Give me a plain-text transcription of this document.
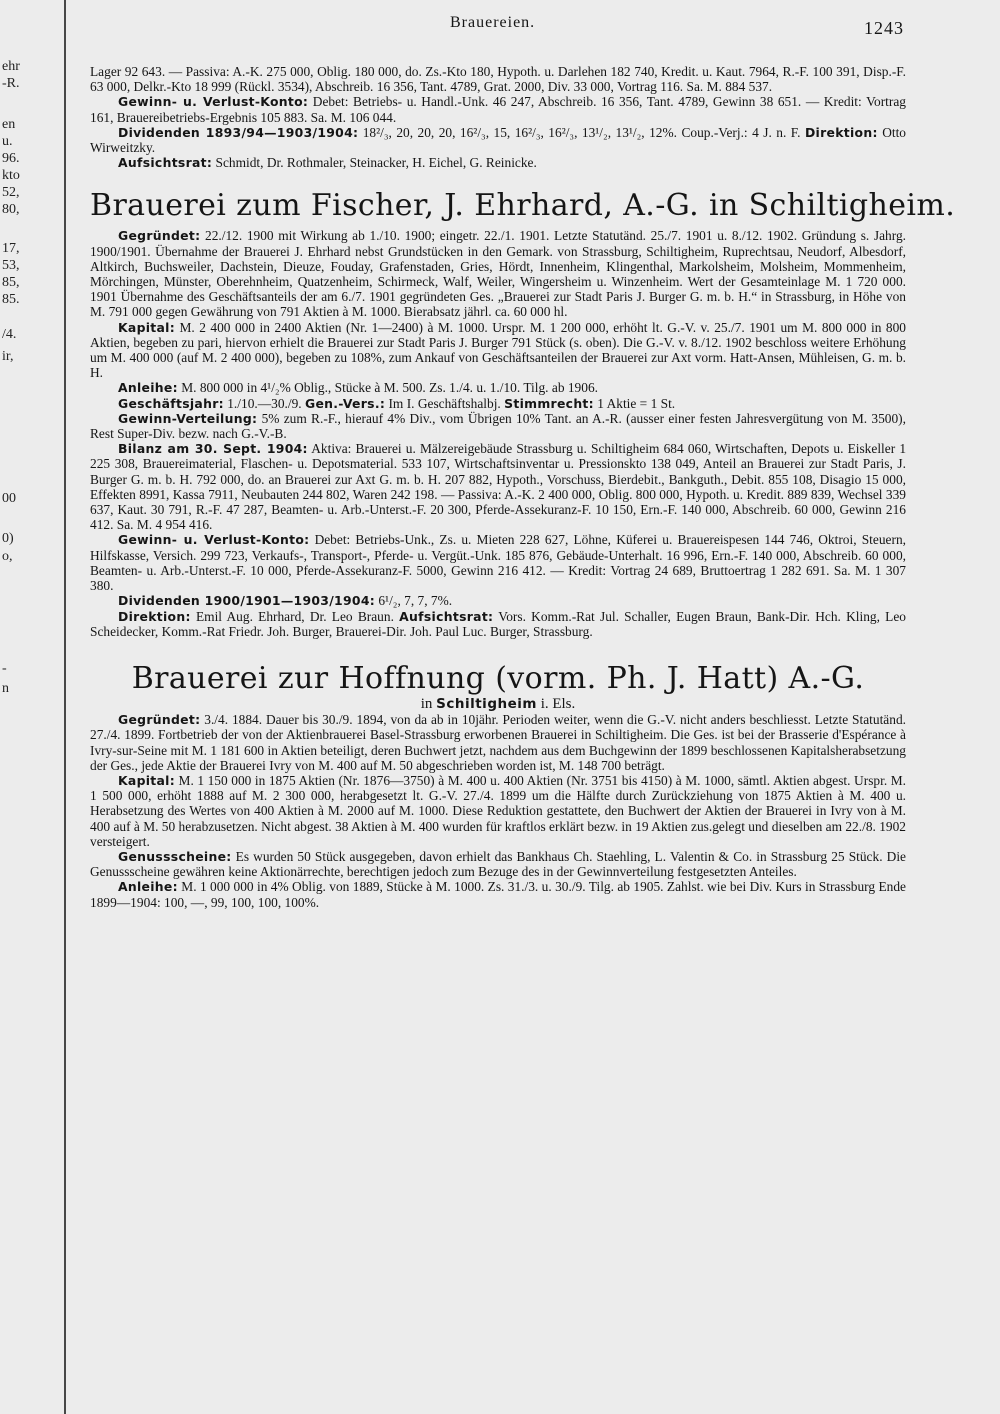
ehr
-R.
en
u.
96.
kto
52,
80,
17,
53,
85,
85.
/4.
ir,
00
0)
o,
-
n
Brauereien.	1243

Lager 92 643. — Passiva: A.-K. 275 000, Oblig. 180 000, do. Zs.-Kto 180, Hypoth. u. Darlehen 182 740, Kredit. u. Kaut. 7964, R.-F. 100 391, Disp.-F. 63 000, Delkr.-Kto 18 999 (Rückl. 3534), Abschreib. 16 356, Tant. 4789, Grat. 2000, Div. 33 000, Vortrag 116. Sa. M. 884 537.

Gewinn- u. Verlust-Konto: Debet: Betriebs- u. Handl.-Unk. 46 247, Abschreib. 16 356, Tant. 4789, Gewinn 38 651. — Kredit: Vortrag 161, Brauereibetriebs-Ergebnis 105 883. Sa. M. 106 044.

Dividenden 1893/94—1903/1904: 18²/₃, 20, 20, 20, 16²/₃, 15, 16²/₃, 16²/₃, 13¹/₂, 13¹/₂, 12%. Coup.-Verj.: 4 J. n. F. Direktion: Otto Wirweitzky.

Aufsichtsrat: Schmidt, Dr. Rothmaler, Steinacker, H. Eichel, G. Reinicke.

Brauerei zum Fischer, J. Ehrhard, A.-G. in Schiltigheim.

Gegründet: 22./12. 1900 mit Wirkung ab 1./10. 1900; eingetr. 22./1. 1901. Letzte Statutänd. 25./7. 1901 u. 8./12. 1902. Gründung s. Jahrg. 1900/1901. Übernahme der Brauerei J. Ehrhard nebst Grundstücken in den Gemark. von Strassburg, Schiltigheim, Ruprechtsau, Neudorf, Albesdorf, Altkirch, Buchsweiler, Dachstein, Dieuze, Fouday, Grafenstaden, Gries, Hördt, Innenheim, Klingenthal, Markolsheim, Molsheim, Mommenheim, Mörchingen, Münster, Oberehnheim, Quatzenheim, Schirmeck, Walf, Weiler, Wingersheim u. Winzenheim. Wert der Gesamteinlage M. 1 720 000. 1901 Übernahme des Geschäftsanteils der am 6./7. 1901 gegründeten Ges. „Brauerei zur Stadt Paris J. Burger G. m. b. H.“ in Strassburg, in Höhe von M. 791 000 gegen Gewährung von 791 Aktien à M. 1000. Bierabsatz jährl. ca. 60 000 hl.

Kapital: M. 2 400 000 in 2400 Aktien (Nr. 1—2400) à M. 1000. Urspr. M. 1 200 000, erhöht lt. G.-V. v. 25./7. 1901 um M. 800 000 in 800 Aktien, begeben zu pari, hiervon erhielt die Brauerei zur Stadt Paris J. Burger 791 Stück (s. oben). Die G.-V. v. 8./12. 1902 beschloss weitere Erhöhung um M. 400 000 (auf M. 2 400 000), begeben zu 108%, zum Ankauf von Geschäftsanteilen der Brauerei zur Axt vorm. Hatt-Ansen, Mühleisen, G. m. b. H.

Anleihe: M. 800 000 in 4¹/₂% Oblig., Stücke à M. 500. Zs. 1./4. u. 1./10. Tilg. ab 1906.

Geschäftsjahr: 1./10.—30./9. Gen.-Vers.: Im I. Geschäftshalbj. Stimmrecht: 1 Aktie = 1 St.

Gewinn-Verteilung: 5% zum R.-F., hierauf 4% Div., vom Übrigen 10% Tant. an A.-R. (ausser einer festen Jahresvergütung von M. 3500), Rest Super-Div. bezw. nach G.-V.-B.

Bilanz am 30. Sept. 1904: Aktiva: Brauerei u. Mälzereigebäude Strassburg u. Schiltigheim 684 060, Wirtschaften, Depots u. Eiskeller 1 225 308, Brauereimaterial, Flaschen- u. Depotsmaterial. 533 107, Wirtschaftsinventar u. Pressionskto 138 049, Anteil an Brauerei zur Stadt Paris, J. Burger G. m. b. H. 792 000, do. an Brauerei zur Axt G. m. b. H. 207 882, Hypoth., Vorschuss, Bierdebit., Bankguth., Debit. 855 108, Disagio 15 000, Effekten 8991, Kassa 7911, Neubauten 244 802, Waren 242 198. — Passiva: A.-K. 2 400 000, Oblig. 800 000, Hypoth. u. Kredit. 889 839, Wechsel 339 637, Kaut. 30 791, R.-F. 47 287, Beamten- u. Arb.-Unterst.-F. 20 300, Pferde-Assekuranz-F. 10 150, Ern.-F. 140 000, Abschreib. 60 000, Gewinn 216 412. Sa. M. 4 954 416.

Gewinn- u. Verlust-Konto: Debet: Betriebs-Unk., Zs. u. Mieten 228 627, Löhne, Küferei u. Brauereispesen 144 746, Oktroi, Steuern, Hilfskasse, Versich. 299 723, Verkaufs-, Transport-, Pferde- u. Vergüt.-Unk. 185 876, Gebäude-Unterhalt. 16 996, Ern.-F. 140 000, Abschreib. 60 000, Beamten- u. Arb.-Unterst.-F. 10 000, Pferde-Assekuranz-F. 5000, Gewinn 216 412. — Kredit: Vortrag 24 689, Bruttoertrag 1 282 691. Sa. M. 1 307 380.

Dividenden 1900/1901—1903/1904: 6¹/₂, 7, 7, 7%.

Direktion: Emil Aug. Ehrhard, Dr. Leo Braun. Aufsichtsrat: Vors. Komm.-Rat Jul. Schaller, Eugen Braun, Bank-Dir. Hch. Kling, Leo Scheidecker, Komm.-Rat Friedr. Joh. Burger, Brauerei-Dir. Joh. Paul Luc. Burger, Strassburg.

Brauerei zur Hoffnung (vorm. Ph. J. Hatt) A.-G.

in Schiltigheim i. Els.

Gegründet: 3./4. 1884. Dauer bis 30./9. 1894, von da ab in 10jähr. Perioden weiter, wenn die G.-V. nicht anders beschliesst. Letzte Statutänd. 27./4. 1899. Fortbetrieb der von der Aktienbrauerei Basel-Strassburg erworbenen Brauerei in Schiltigheim. Die Ges. ist bei der Brasserie d'Espérance à Ivry-sur-Seine mit M. 1 181 600 in Aktien beteiligt, deren Buchwert jetzt, nachdem aus dem Buchgewinn der 1899 beschlossenen Kapitalsherabsetzung der Ges., jede Aktie der Brauerei Ivry von M. 400 auf M. 50 abgeschrieben worden ist, M. 148 700 beträgt.

Kapital: M. 1 150 000 in 1875 Aktien (Nr. 1876—3750) à M. 400 u. 400 Aktien (Nr. 3751 bis 4150) à M. 1000, sämtl. Aktien abgest. Urspr. M. 1 500 000, erhöht 1888 auf M. 2 300 000, herabgesetzt lt. G.-V. 27./4. 1899 um die Hälfte durch Zurückziehung von 1875 Aktien à M. 400 u. Herabsetzung des Wertes von 400 Aktien à M. 2000 auf M. 1000. Diese Reduktion gestattete, den Buchwert der Aktien der Brauerei in Ivry von à M. 400 auf à M. 50 herabzusetzen. Nicht abgest. 38 Aktien à M. 400 wurden für kraftlos erklärt bezw. in 19 Aktien zus.gelegt und dieselben am 22./8. 1902 versteigert.

Genussscheine: Es wurden 50 Stück ausgegeben, davon erhielt das Bankhaus Ch. Staehling, L. Valentin & Co. in Strassburg 25 Stück. Die Genussscheine gewähren keine Aktionärrechte, berechtigen jedoch zum Bezuge des in der Gewinnverteilung festgesetzten Anteiles.

Anleihe: M. 1 000 000 in 4% Oblig. von 1889, Stücke à M. 1000. Zs. 31./3. u. 30./9. Tilg. ab 1905. Zahlst. wie bei Div. Kurs in Strassburg Ende 1899—1904: 100, —, 99, 100, 100, 100%.
